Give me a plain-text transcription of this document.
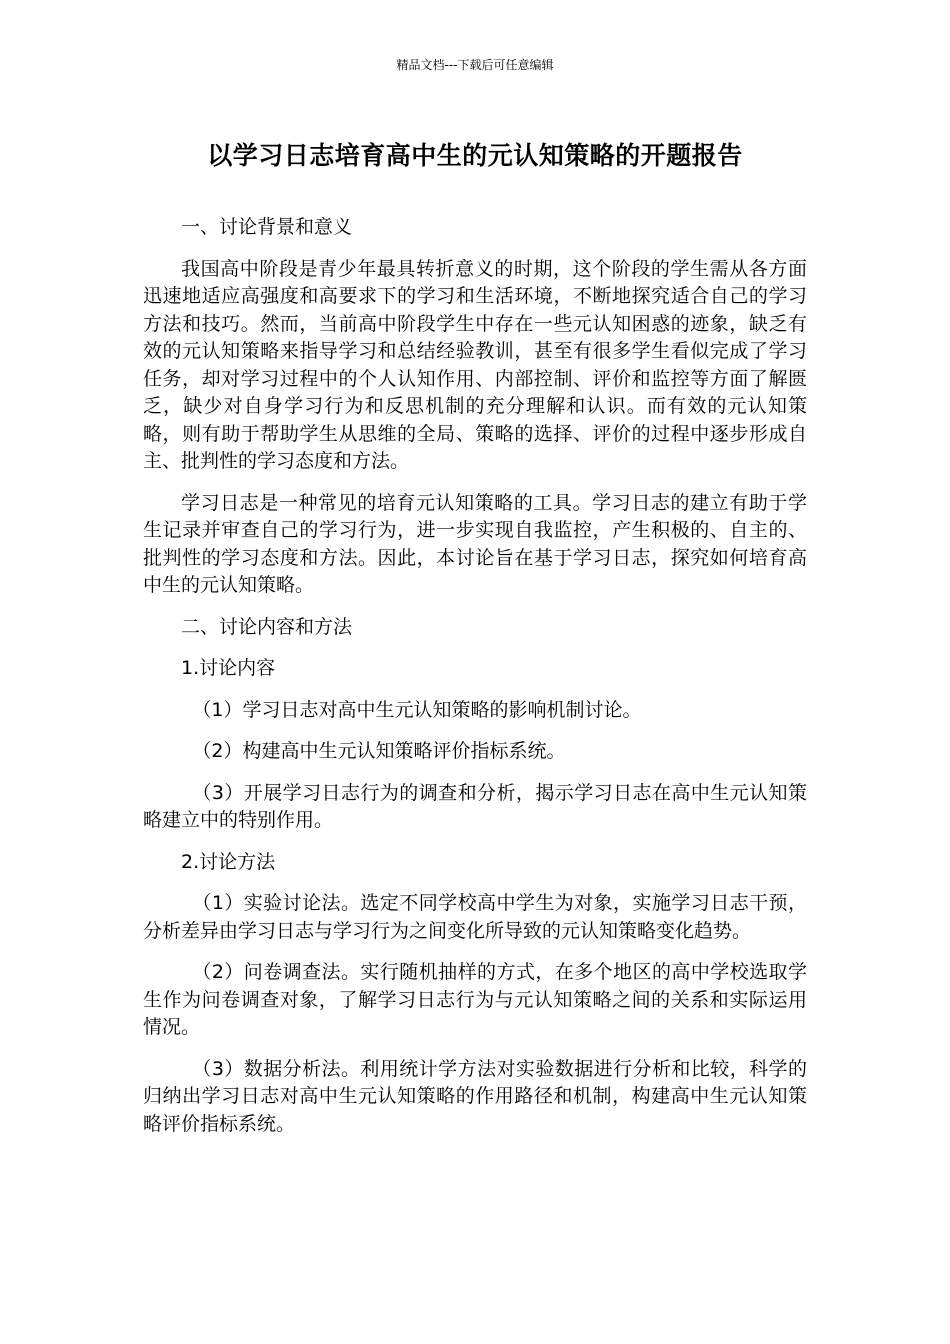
精品文档---下载后可任意编辑
以学习日志培育高中生的元认知策略的开题报告

一、讨论背景和意义

我国高中阶段是青少年最具转折意义的时期，这个阶段的学生需从各方面迅速地适应高强度和高要求下的学习和生活环境，不断地探究适合自己的学习方法和技巧。然而，当前高中阶段学生中存在一些元认知困惑的迹象，缺乏有效的元认知策略来指导学习和总结经验教训，甚至有很多学生看似完成了学习任务，却对学习过程中的个人认知作用、内部控制、评价和监控等方面了解匮乏，缺少对自身学习行为和反思机制的充分理解和认识。而有效的元认知策略，则有助于帮助学生从思维的全局、策略的选择、评价的过程中逐步形成自主、批判性的学习态度和方法。

学习日志是一种常见的培育元认知策略的工具。学习日志的建立有助于学生记录并审查自己的学习行为，进一步实现自我监控，产生积极的、自主的、批判性的学习态度和方法。因此，本讨论旨在基于学习日志，探究如何培育高中生的元认知策略。

二、讨论内容和方法

1.讨论内容

（1）学习日志对高中生元认知策略的影响机制讨论。

（2）构建高中生元认知策略评价指标系统。

（3）开展学习日志行为的调查和分析，揭示学习日志在高中生元认知策略建立中的特别作用。

2.讨论方法

（1）实验讨论法。选定不同学校高中学生为对象，实施学习日志干预，分析差异由学习日志与学习行为之间变化所导致的元认知策略变化趋势。

（2）问卷调查法。实行随机抽样的方式，在多个地区的高中学校选取学生作为问卷调查对象，了解学习日志行为与元认知策略之间的关系和实际运用情况。

（3）数据分析法。利用统计学方法对实验数据进行分析和比较，科学的归纳出学习日志对高中生元认知策略的作用路径和机制，构建高中生元认知策略评价指标系统。
